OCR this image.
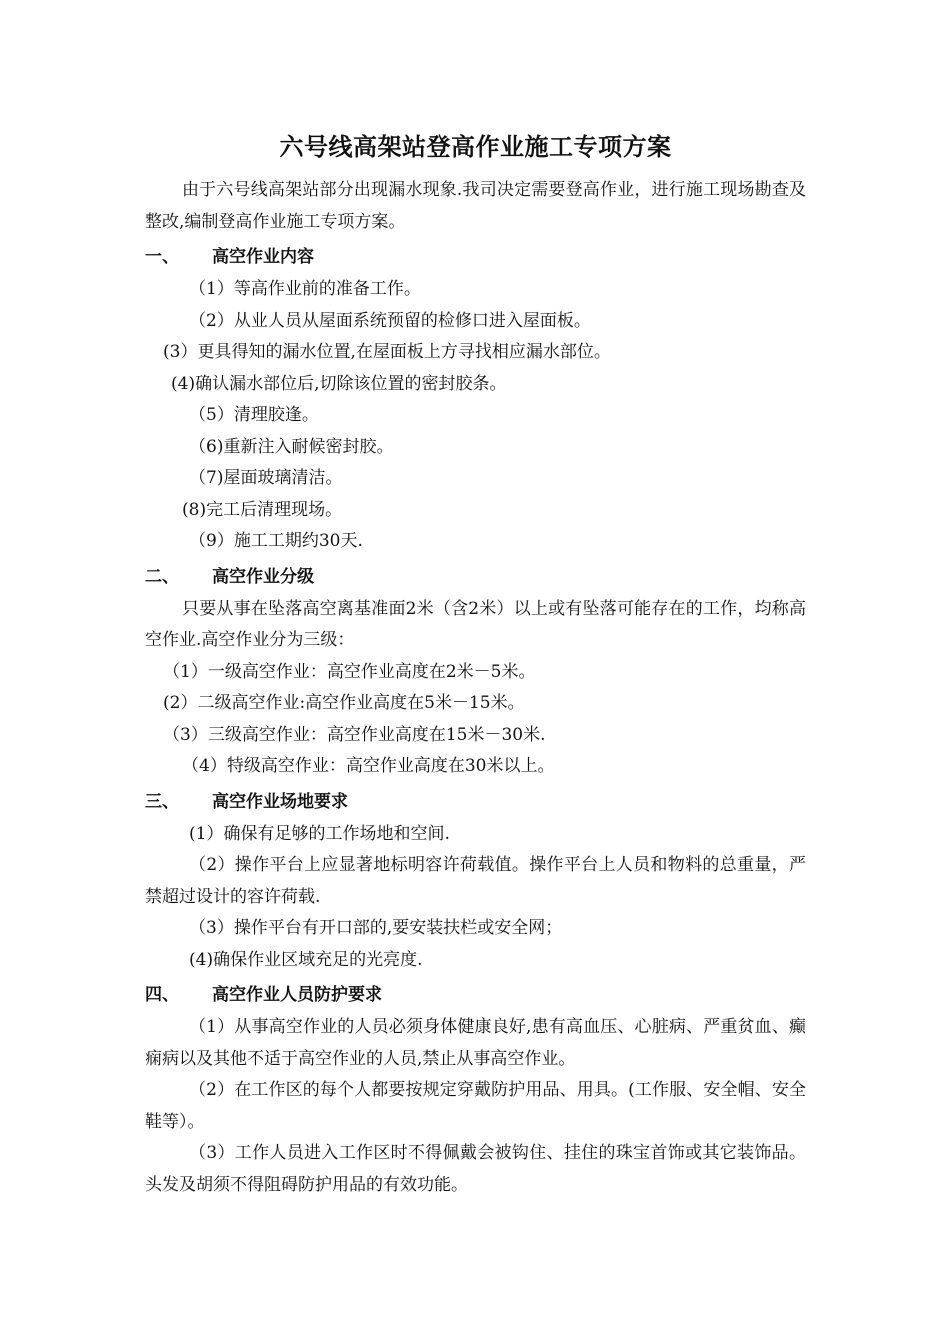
六号线高架站登高作业施工专项方案

由于六号线高架站部分出现漏水现象.我司决定需要登高作业，进行施工现场勘查及整改,编制登高作业施工专项方案。

一、	高空作业内容

（1）等高作业前的准备工作。

（2）从业人员从屋面系统预留的检修口进入屋面板。

(3）更具得知的漏水位置,在屋面板上方寻找相应漏水部位。

(4)确认漏水部位后,切除该位置的密封胶条。

（5）清理胶逢。

（6)重新注入耐候密封胶。

（7)屋面玻璃清洁。

(8)完工后清理现场。

（9）施工工期约30天.

二、	高空作业分级

只要从事在坠落高空离基准面2米（含2米）以上或有坠落可能存在的工作，均称高空作业.高空作业分为三级：

（1）一级高空作业：高空作业高度在2米－5米。

(2）二级高空作业:高空作业高度在5米－15米。

（3）三级高空作业：高空作业高度在15米－30米.

（4）特级高空作业：高空作业高度在30米以上。

三、	高空作业场地要求

(1）确保有足够的工作场地和空间.

（2）操作平台上应显著地标明容许荷载值。操作平台上人员和物料的总重量，严禁超过设计的容许荷载.

（3）操作平台有开口部的,要安装扶栏或安全网；

(4)确保作业区域充足的光亮度.

四、	高空作业人员防护要求

（1）从事高空作业的人员必须身体健康良好,患有高血压、心脏病、严重贫血、癫痫病以及其他不适于高空作业的人员,禁止从事高空作业。

（2）在工作区的每个人都要按规定穿戴防护用品、用具。(工作服、安全帽、安全鞋等）。

（3）工作人员进入工作区时不得佩戴会被钩住、挂住的珠宝首饰或其它装饰品。头发及胡须不得阻碍防护用品的有效功能。
